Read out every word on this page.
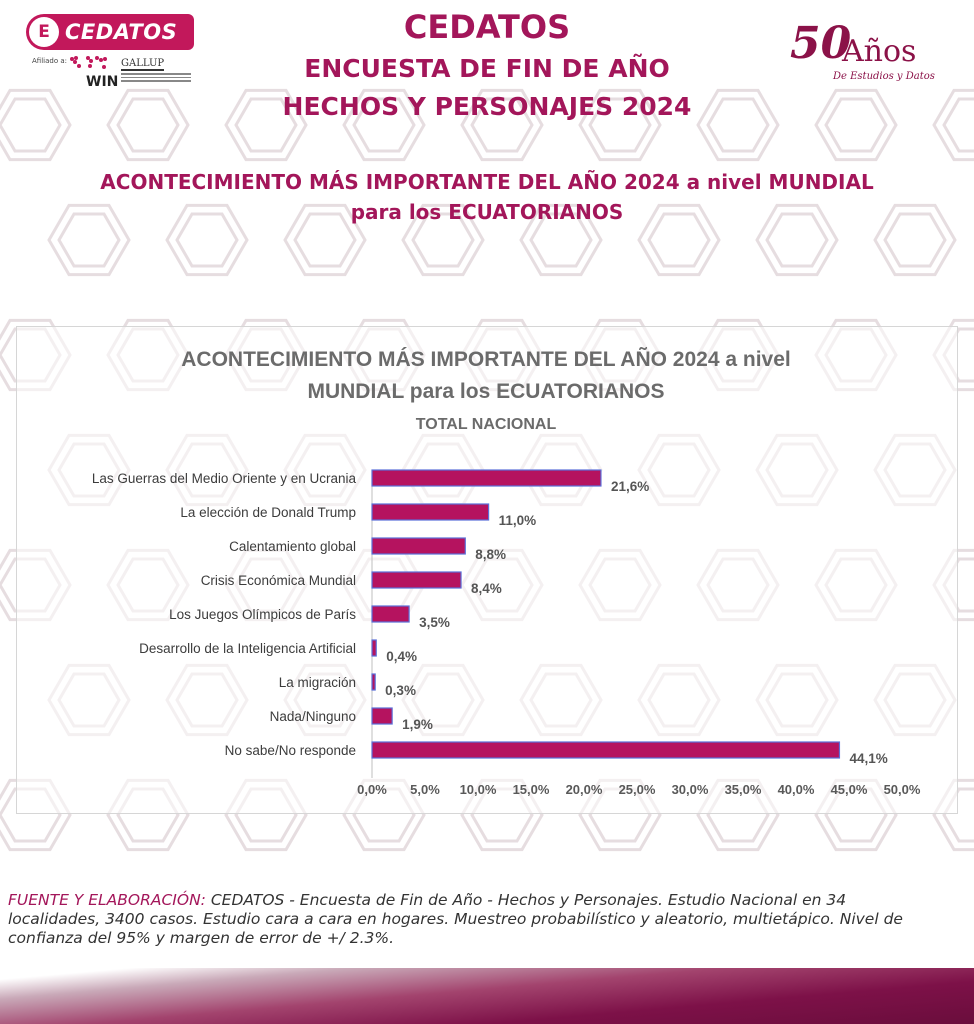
E CEDATOS
Afiliado a:
WIN
GALLUP
CEDATOS
ENCUESTA DE FIN DE AÑO
HECHOS Y PERSONAJES 2024
50
Años
De Estudios y Datos
ACONTECIMIENTO MÁS IMPORTANTE DEL AÑO 2024 a nivel MUNDIAL
para los ECUATORIANOS
ACONTECIMIENTO MÁS IMPORTANTE DEL AÑO 2024 a nivel
MUNDIAL para los ECUATORIANOS
TOTAL NACIONAL
Las Guerras del Medio Oriente y en Ucrania
21,6%
La elección de Donald Trump
11,0%
Calentamiento global
8,8%
Crisis Económica Mundial
8,4%
Los Juegos Olímpicos de París
3,5%
Desarrollo de la Inteligencia Artificial
0,4%
La migración
0,3%
Nada/Ninguno
1,9%
No sabe/No responde
44,1%
0,0% 5,0% 10,0% 15,0% 20,0% 25,0% 30,0% 35,0% 40,0% 45,0% 50,0%
FUENTE Y ELABORACIÓN: CEDATOS - Encuesta de Fin de Año - Hechos y Personajes. Estudio Nacional en 34 localidades, 3400 casos. Estudio cara a cara en hogares. Muestreo probabilístico y aleatorio, multietápico. Nivel de confianza del 95% y margen de error de +/ 2.3%.
